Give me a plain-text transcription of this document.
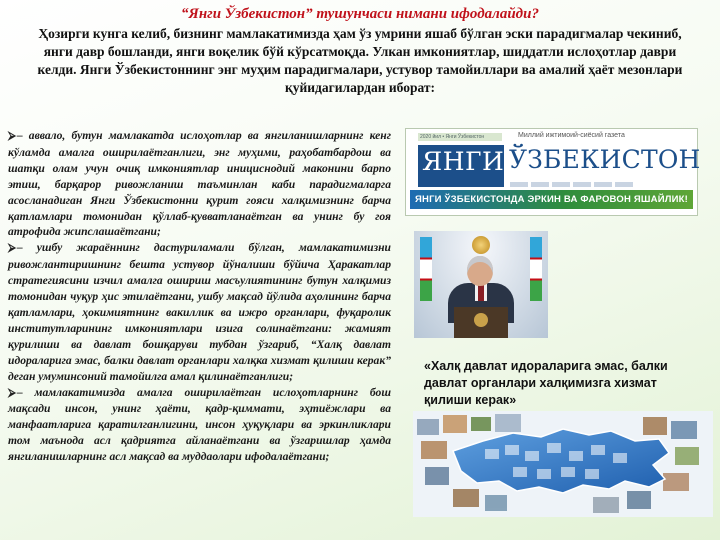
“Янги Ўзбекистон” тушунчаси нимани ифодалайди?
Ҳозирги кунга келиб, бизнинг мамлакатимизда ҳам ўз умрини яшаб бўлган эски парадигмалар чекиниб, янги давр бошланди, янги воқелик бўй кўрсатмоқда. Улкан имкониятлар, шиддатли ислоҳотлар даври келди. Янги Ўзбекистоннинг энг муҳим парадигмалари, устувор тамойиллари ва амалий ҳаёт мезонлари қуйидагилардан иборат:

⮚– аввало, бутун мамлакатда ислоҳотлар ва янгиланишларнинг кенг кўламда амалга оширилаётганлиги, энг муҳими, раҳобатбардош ва шатқи олам учун очиқ имкониятлар инициснодий маконини барпо этиш, барқарор ривожланиш таъминлан каби парадигмаларга асосланадиган Янги Ўзбекистонни қурит гояси халқимизнинг барча қатламлари томонидан қўллаб-қувватланаётган ва унинг бу гоя атрофида жипслашаётгани;

⮚– ушбу жараённинг дастуриламали бўлган, мамлакатимизни ривожлантиришнинг бешта устувор йўналиши бўйича Ҳаракатлар стратегиясини изчил амалга ошириш масъулиятининг бутун халқимиз томонидан чуқур ҳис этилаётгани, ушбу мақсад йўлида аҳолининг барча қатламлари, ҳокимиятнинг вакиллик ва ижро органлари, фуқаролик институтларининг имкониятлари изига солинаётгани: жамият қурилиши ва давлат бошқаруви тубдан ўзгариб, “Халқ давлат идораларига эмас, балки давлат органлари халқка хизмат қилиши керак” деган умуминсоний тамойилга амал қилинаётганлиги;

⮚– мамлакатимизда амалга оширилаётган ислоҳотларнинг бош мақсади инсон, унинг ҳаёти, қадр-қиммати, эҳтиёжлари ва манфаатларига қаратилганлигини, инсон ҳуқуқлари ва эркинликлари том маънода асл қадриятга айланаётгани ва ўзгаришлар ҳамда янгиланишларнинг асл мақсад ва муддаолари ифодалаётгани;

2020 йил • Янги Ўзбекистон	Миллий ижтимоий-сиёсий газета
ЯНГИ ЎЗБЕКИСТОН
ЯНГИ ЎЗБЕКИСТОНДА ЭРКИН ВА ФАРОВОН ЯШАЙЛИК!
«Халқ давлат идораларига эмас, балки давлат органлари халқимизга хизмат қилиши керак»
